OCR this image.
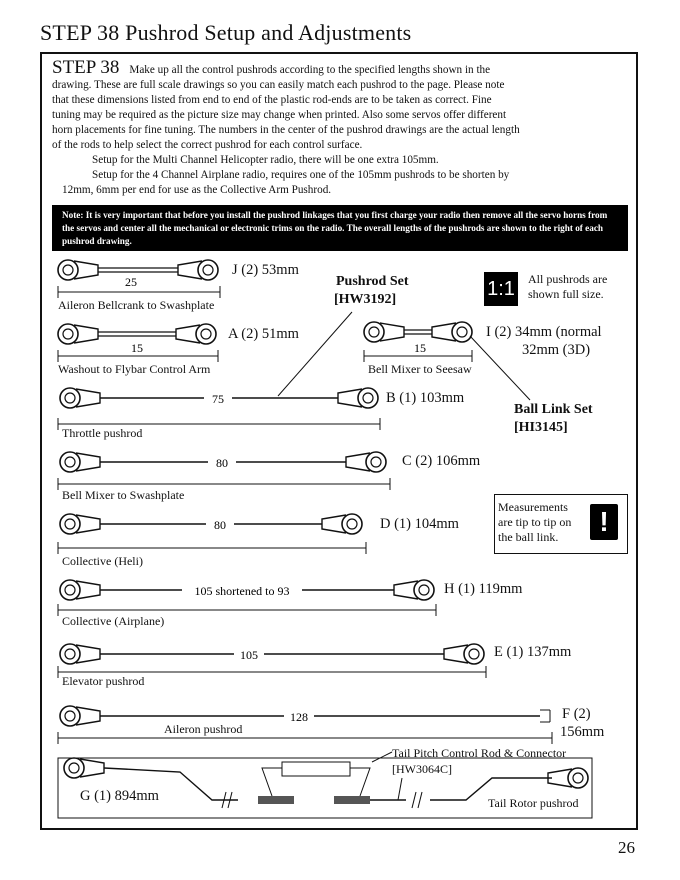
STEP 38 Pushrod Setup and Adjustments

STEP 38 Make up all the control pushrods according to the specified lengths shown in the

drawing. These are full scale drawings so you can easily match each pushrod to the page. Please note

that these dimensions listed from end to end of the plastic rod-ends are to be taken as correct. Fine

tuning may be required as the picture size may change when printed. Also some servos offer different

horn placements for fine tuning. The numbers in the center of the pushrod drawings are the actual length

of the rods to help select the correct pushrod for each control surface.

Setup for the Multi Channel Helicopter radio, there will be one extra 105mm.

Setup for the 4 Channel Airplane radio, requires one of the 105mm pushrods to be shorten by

12mm, 6mm per end for use as the Collective Arm Pushrod.

Note: It is very important that before you install the pushrod linkages that you first charge your radio then remove all the servo horns from the servos and center all the mechanical or electronic trims on the radio. The overall lengths of the pushrods are shown to the right of each pushrod drawing.
25
15	15
75
80
80
105 shortened to 93
105
128
Aileron Bellcrank to Swashplate
J (2) 53mm
Washout to Flybar Control Arm
A (2) 51mm
Bell Mixer to Seesaw
I (2) 34mm (normal
32mm (3D)
Throttle pushrod
B (1) 103mm
Bell Mixer to Swashplate
C (2) 106mm
Collective (Heli)
D (1) 104mm
Collective (Airplane)
H (1) 119mm
Elevator pushrod
E (1) 137mm
Aileron pushrod
F (2)
156mm
G (1) 894mm	Tail Rotor pushrod
Tail Pitch Control Rod & Connector
[HW3064C]
Pushrod Set
[HW3192]
Ball Link Set
[HI3145]
1:1 All pushrods are
shown full size.
Measurements
are tip to tip on
the ball link.	!
26
